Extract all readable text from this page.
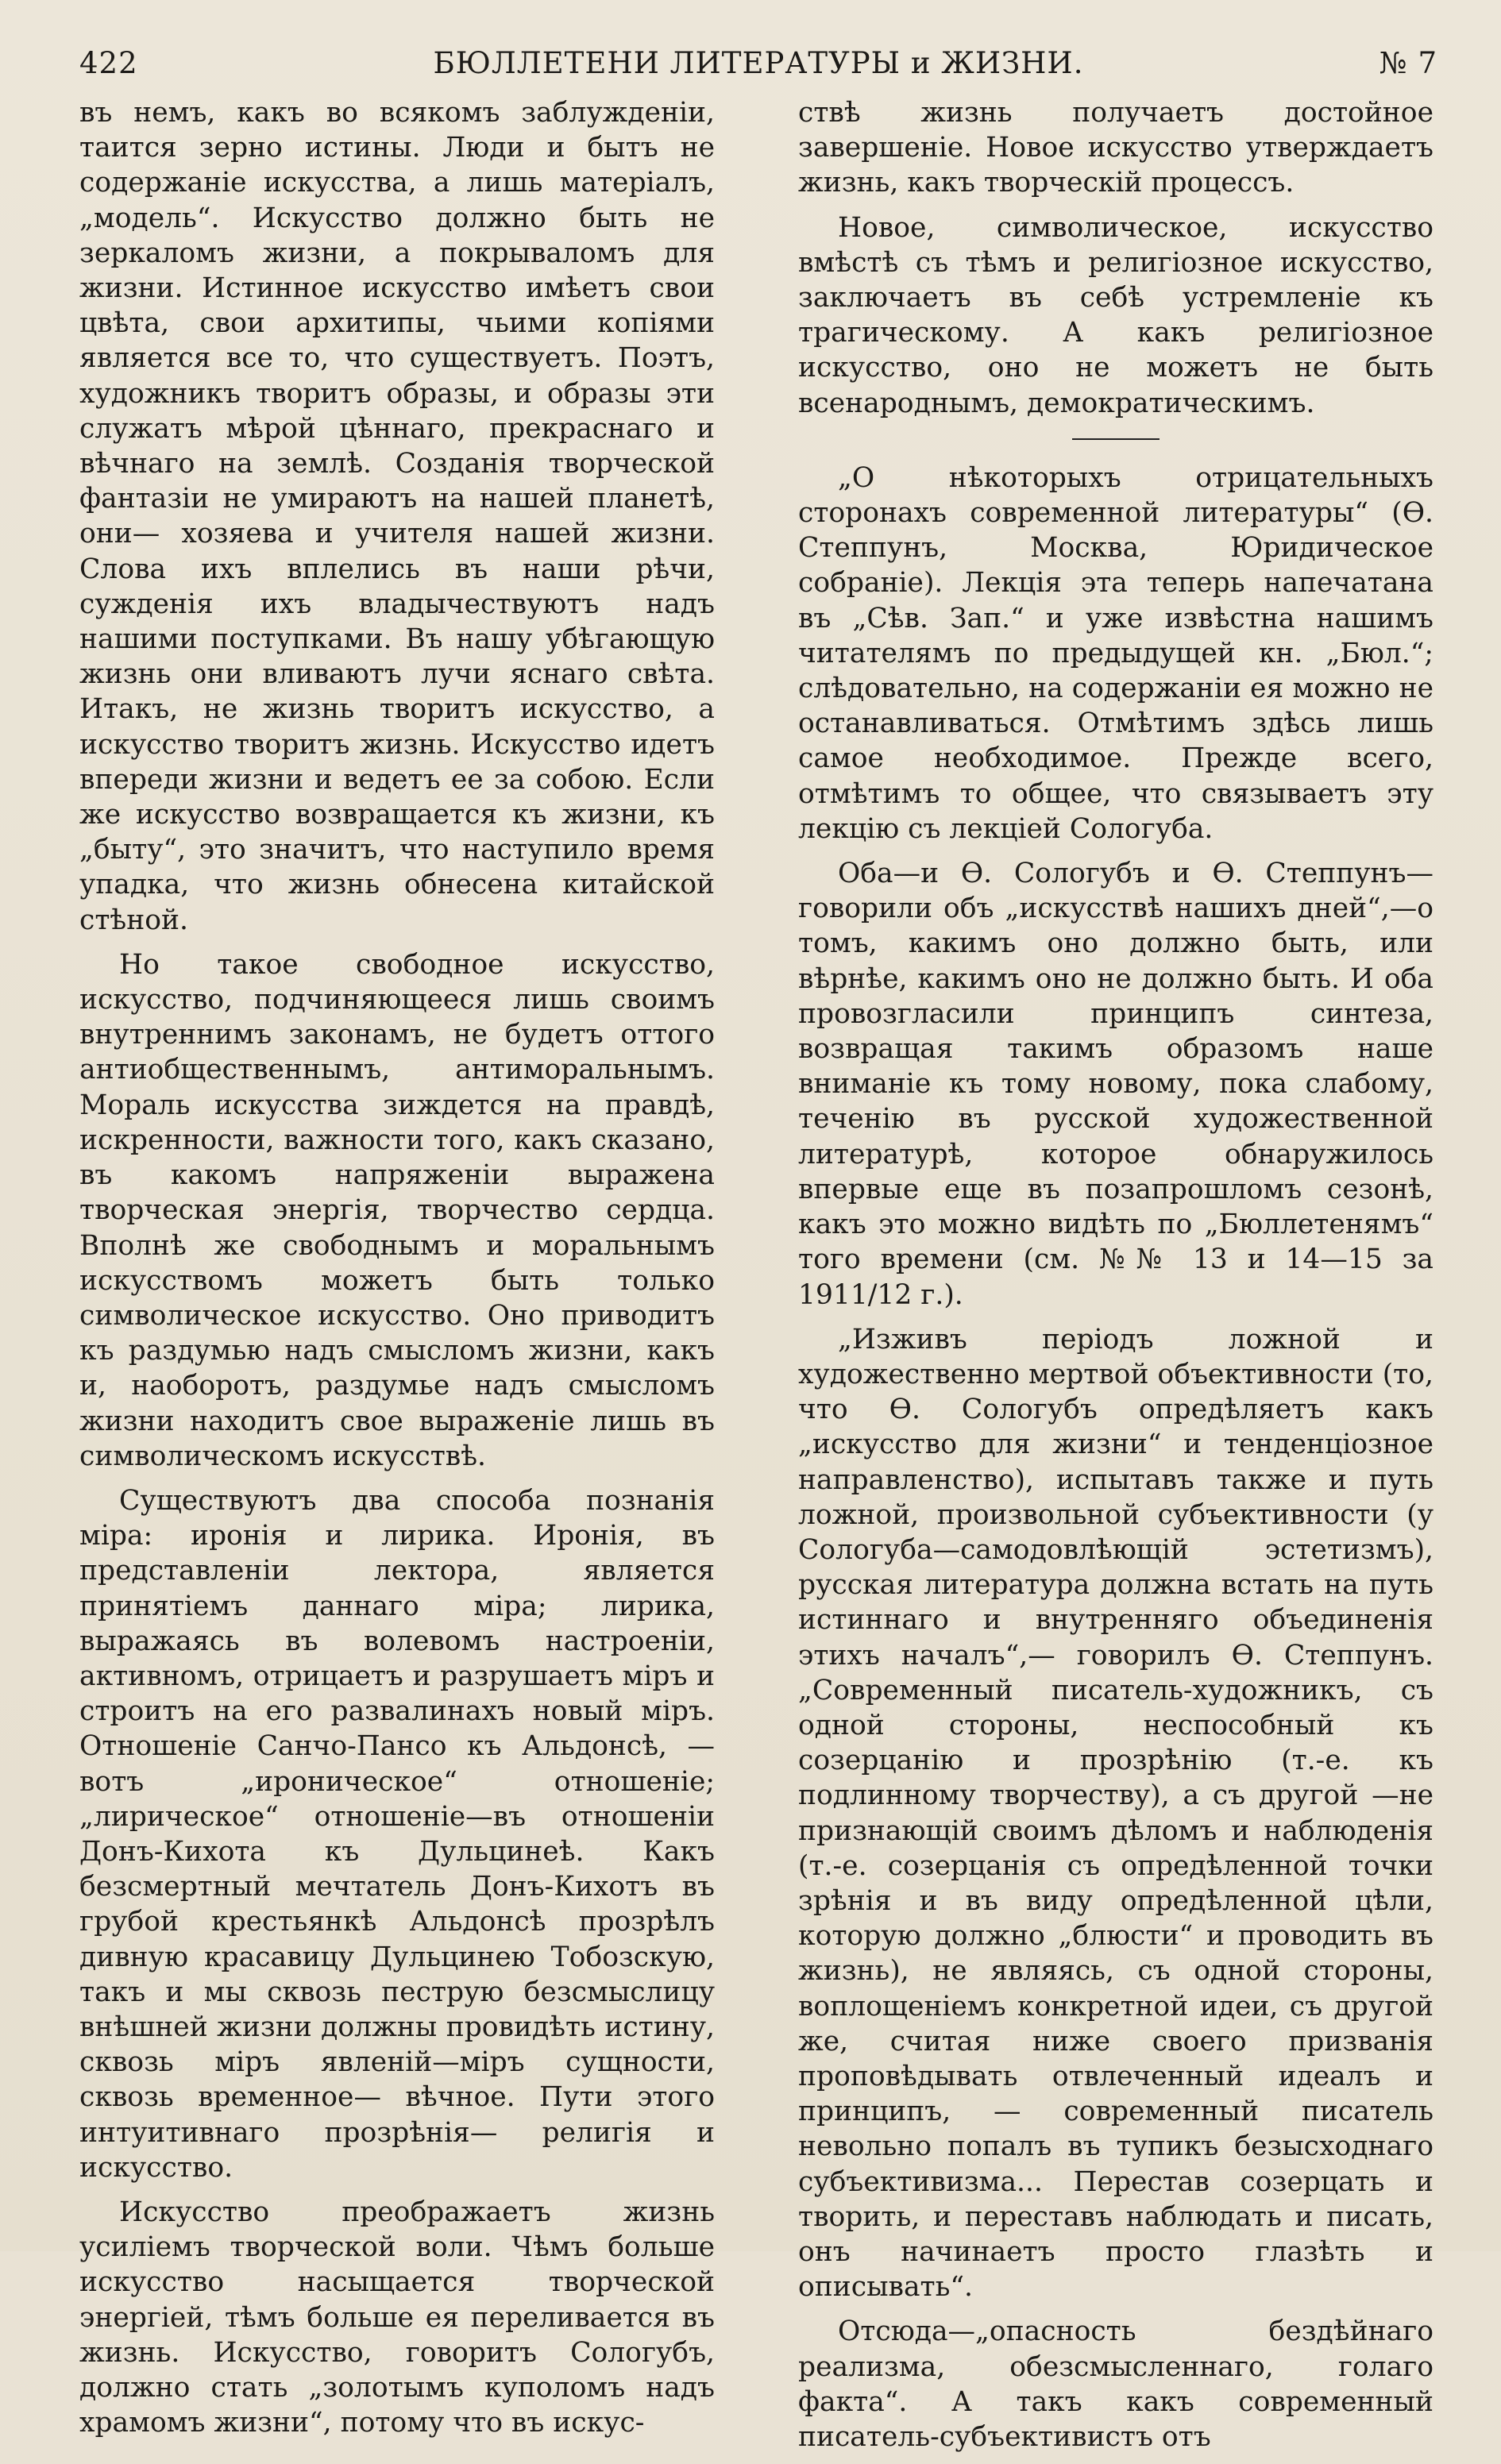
422	БЮЛЛЕТЕНИ ЛИТЕРАТУРЫ и ЖИЗНИ.	№ 7

въ немъ, какъ во всякомъ заблужденіи, таится зерно истины. Люди и бытъ не содержаніе искусства, а лишь матеріалъ, „модель“. Искусство должно быть не зеркаломъ жизни, а покрываломъ для жизни. Истинное искусство имѣетъ свои цвѣта, свои архитипы, чьими копіями является все то, что существуетъ. Поэтъ, художникъ творитъ образы, и образы эти служатъ мѣрой цѣннаго, прекраснаго и вѣчнаго на землѣ. Созданія творческой фантазіи не умираютъ на нашей планетѣ, они— хозяева и учителя нашей жизни. Слова ихъ вплелись въ наши рѣчи, сужденія ихъ владычествуютъ надъ нашими поступками. Въ нашу убѣгающую жизнь они вливаютъ лучи яснаго свѣта. Итакъ, не жизнь творитъ искусство, а искусство творитъ жизнь. Искусство идетъ впереди жизни и ведетъ ее за собою. Если же искусство возвращается къ жизни, къ „быту“, это значитъ, что наступило время упадка, что жизнь обнесена китайской стѣной.

Но такое свободное искусство, искусство, подчиняющееся лишь своимъ внутреннимъ законамъ, не будетъ оттого антиобщественнымъ, антиморальнымъ. Мораль искусства зиждется на правдѣ, искренности, важности того, какъ сказано, въ какомъ напряженіи выражена творческая энергія, творчество сердца. Вполнѣ же свободнымъ и моральнымъ искусствомъ можетъ быть только символическое искусство. Оно приводитъ къ раздумью надъ смысломъ жизни, какъ и, наоборотъ, раздумье надъ смысломъ жизни находитъ свое выраженіе лишь въ символическомъ искусствѣ.

Существуютъ два способа познанія міра: иронія и лирика. Иронія, въ представленіи лектора, является принятіемъ даннаго міра; лирика, выражаясь въ волевомъ настроеніи, активномъ, отрицаетъ и разрушаетъ міръ и строитъ на его развалинахъ новый міръ. Отношеніе Санчо-Пансо къ Альдонсѣ, — вотъ „ироническое“ отношеніе; „лирическое“ отношеніе—въ отношеніи Донъ-Кихота къ Дульцинеѣ. Какъ безсмертный мечтатель Донъ-Кихотъ въ грубой крестьянкѣ Альдонсѣ прозрѣлъ дивную красавицу Дульцинею Тобозскую, такъ и мы сквозь пеструю безсмыслицу внѣшней жизни должны провидѣть истину, сквозь міръ явленій—міръ сущности, сквозь временное— вѣчное. Пути этого интуитивнаго прозрѣнія— религія и искусство.

Искусство преображаетъ жизнь усиліемъ творческой воли. Чѣмъ больше искусство насыщается творческой энергіей, тѣмъ больше ея переливается въ жизнь. Искусство, говоритъ Сологубъ, должно стать „золотымъ куполомъ надъ храмомъ жизни“, потому что въ искус-

ствѣ жизнь получаетъ достойное завершеніе. Новое искусство утверждаетъ жизнь, какъ творческій процессъ.

Новое, символическое, искусство вмѣстѣ съ тѣмъ и религіозное искусство, заключаетъ въ себѣ устремленіе къ трагическому. А какъ религіозное искусство, оно не можетъ не быть всенароднымъ, демократическимъ.

„О нѣкоторыхъ отрицательныхъ сторонахъ современной литературы“ (Ѳ. Степпунъ, Москва, Юридическое собраніе). Лекція эта теперь напечатана въ „Сѣв. Зап.“ и уже извѣстна нашимъ читателямъ по предыдущей кн. „Бюл.“; слѣдовательно, на содержаніи ея можно не останавливаться. Отмѣтимъ здѣсь лишь самое необходимое. Прежде всего, отмѣтимъ то общее, что связываетъ эту лекцію съ лекціей Сологуба.

Оба—и Ѳ. Сологубъ и Ѳ. Степпунъ—говорили объ „искусствѣ нашихъ дней“,—о томъ, какимъ оно должно быть, или вѣрнѣе, какимъ оно не должно быть. И оба провозгласили принципъ синтеза, возвращая такимъ образомъ наше вниманіе къ тому новому, пока слабому, теченію въ русской художественной литературѣ, которое обнаружилось впервые еще въ позапрошломъ сезонѣ, какъ это можно видѣть по „Бюллетенямъ“ того времени (см. №№ 13 и 14—15 за 1911/12 г.).

„Изживъ періодъ ложной и художественно мертвой объективности (то, что Ѳ. Сологубъ опредѣляетъ какъ „искусство для жизни“ и тенденціозное направленство), испытавъ также и путь ложной, произвольной субъективности (у Сологуба—самодовлѣющій эстетизмъ), русская литература должна встать на путь истиннаго и внутренняго объединенія этихъ началъ“,— говорилъ Ѳ. Степпунъ. „Современный писатель-художникъ, съ одной стороны, неспособный къ созерцанію и прозрѣнію (т.-е. къ подлинному творчеству), а съ другой —не признающій своимъ дѣломъ и наблюденія (т.-е. созерцанія съ опредѣленной точки зрѣнія и въ виду опредѣленной цѣли, которую должно „блюсти“ и проводить въ жизнь), не являясь, съ одной стороны, воплощеніемъ конкретной идеи, съ другой же, считая ниже своего призванія проповѣдывать отвлеченный идеалъ и принципъ, — современный писатель невольно попалъ въ тупикъ безысходнаго субъективизма... Перестав созерцать и творить, и переставъ наблюдать и писать, онъ начинаетъ просто глазѣть и описывать“.

Отсюда—„опасность бездѣйнаго реализма, обезсмысленнаго, голаго факта“. А такъ какъ современный писатель-субъективистъ отъ
